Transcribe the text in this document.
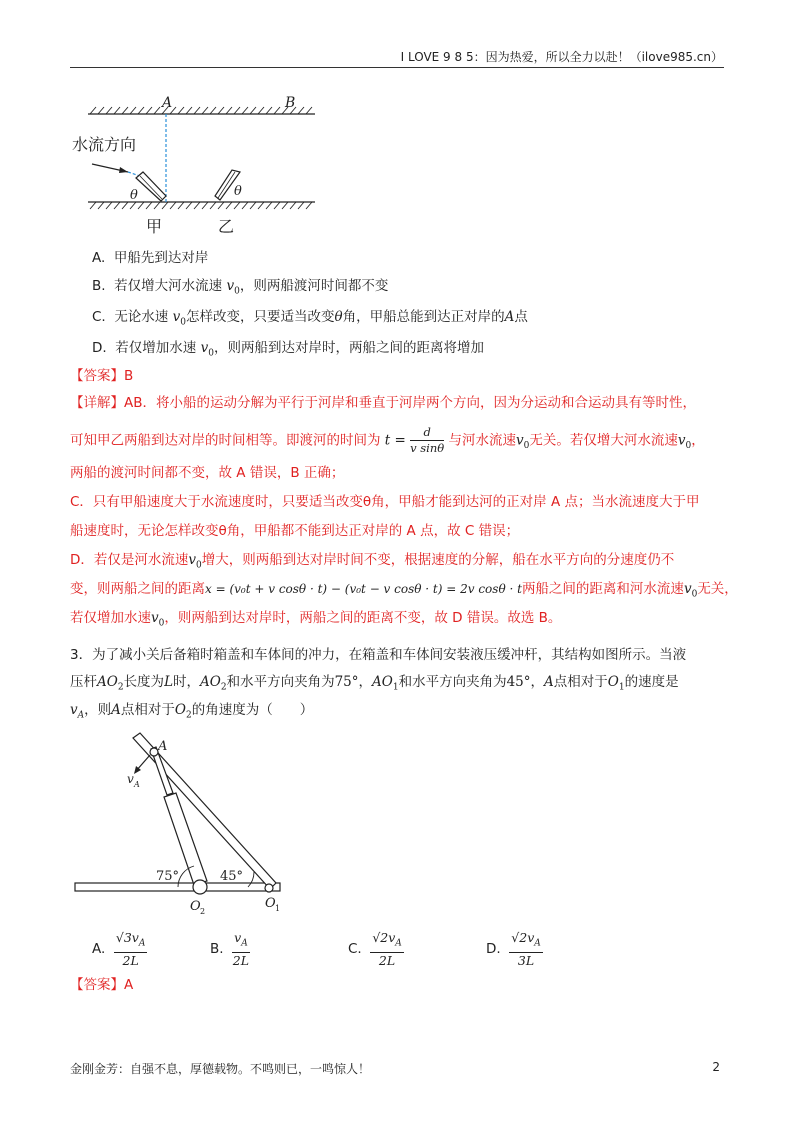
I LOVE 9 8 5：因为热爱，所以全力以赴！（ilove985.cn）
A	B
水流方向
θ	θ
甲	乙
A. 甲船先到达对岸
B. 若仅增大河水流速 $v_0$，则两船渡河时间都不变
C. 无论水速 $v_0$怎样改变，只要适当改变θ角，甲船总能到达正对岸的A点
D. 若仅增加水速 $v_0$，则两船到达对岸时，两船之间的距离将增加
【答案】B
【详解】AB．将小船的运动分解为平行于河岸和垂直于河岸两个方向，因为分运动和合运动具有等时性，
可知甲乙两船到达对岸的时间相等。即渡河的时间为 $t = \frac{d}{\text{v sinθ}}$ 与河水流速$v_0$无关。若仅增大河水流速$v_0$，
两船的渡河时间都不变，故 A 错误，B 正确；
C．只有甲船速度大于水流速度时，只要适当改变θ角，甲船才能到达河的正对岸 A 点；当水流速度大于甲
船速度时，无论怎样改变θ角，甲船都不能到达正对岸的 A 点，故 C 错误；
D．若仅是河水流速$v_0$增大，则两船到达对岸时间不变，根据速度的分解，船在水平方向的分速度仍不
变，则两船之间的距离x = (v₀t + v cosθ · t) − (v₀t − v cosθ · t) = 2v cosθ · t两船之间的距离和河水流速$v_0$无关，
若仅增加水速$v_0$，则两船到达对岸时，两船之间的距离不变，故 D 错误。故选 B。
3．为了减小关后备箱时箱盖和车体间的冲力，在箱盖和车体间安装液压缓冲杆，其结构如图所示。当液
压杆$AO_2$长度为L时，$AO_2$和水平方向夹角为75°，$AO_1$和水平方向夹角为45°，A点相对于$O_1$的速度是
$v_A$，则A点相对于$O_2$的角速度为（　　）
A
v A
75°	45°
O 2
O 1
A. $\frac{√3v_A}{2L}$	B. $\frac{v_A}{2L}$	C. $\frac{√2v_A}{2L}$	D. $\frac{√2v_A}{3L}$
【答案】A
金刚金芳：自强不息，厚德载物。不鸣则已，一鸣惊人！	2
